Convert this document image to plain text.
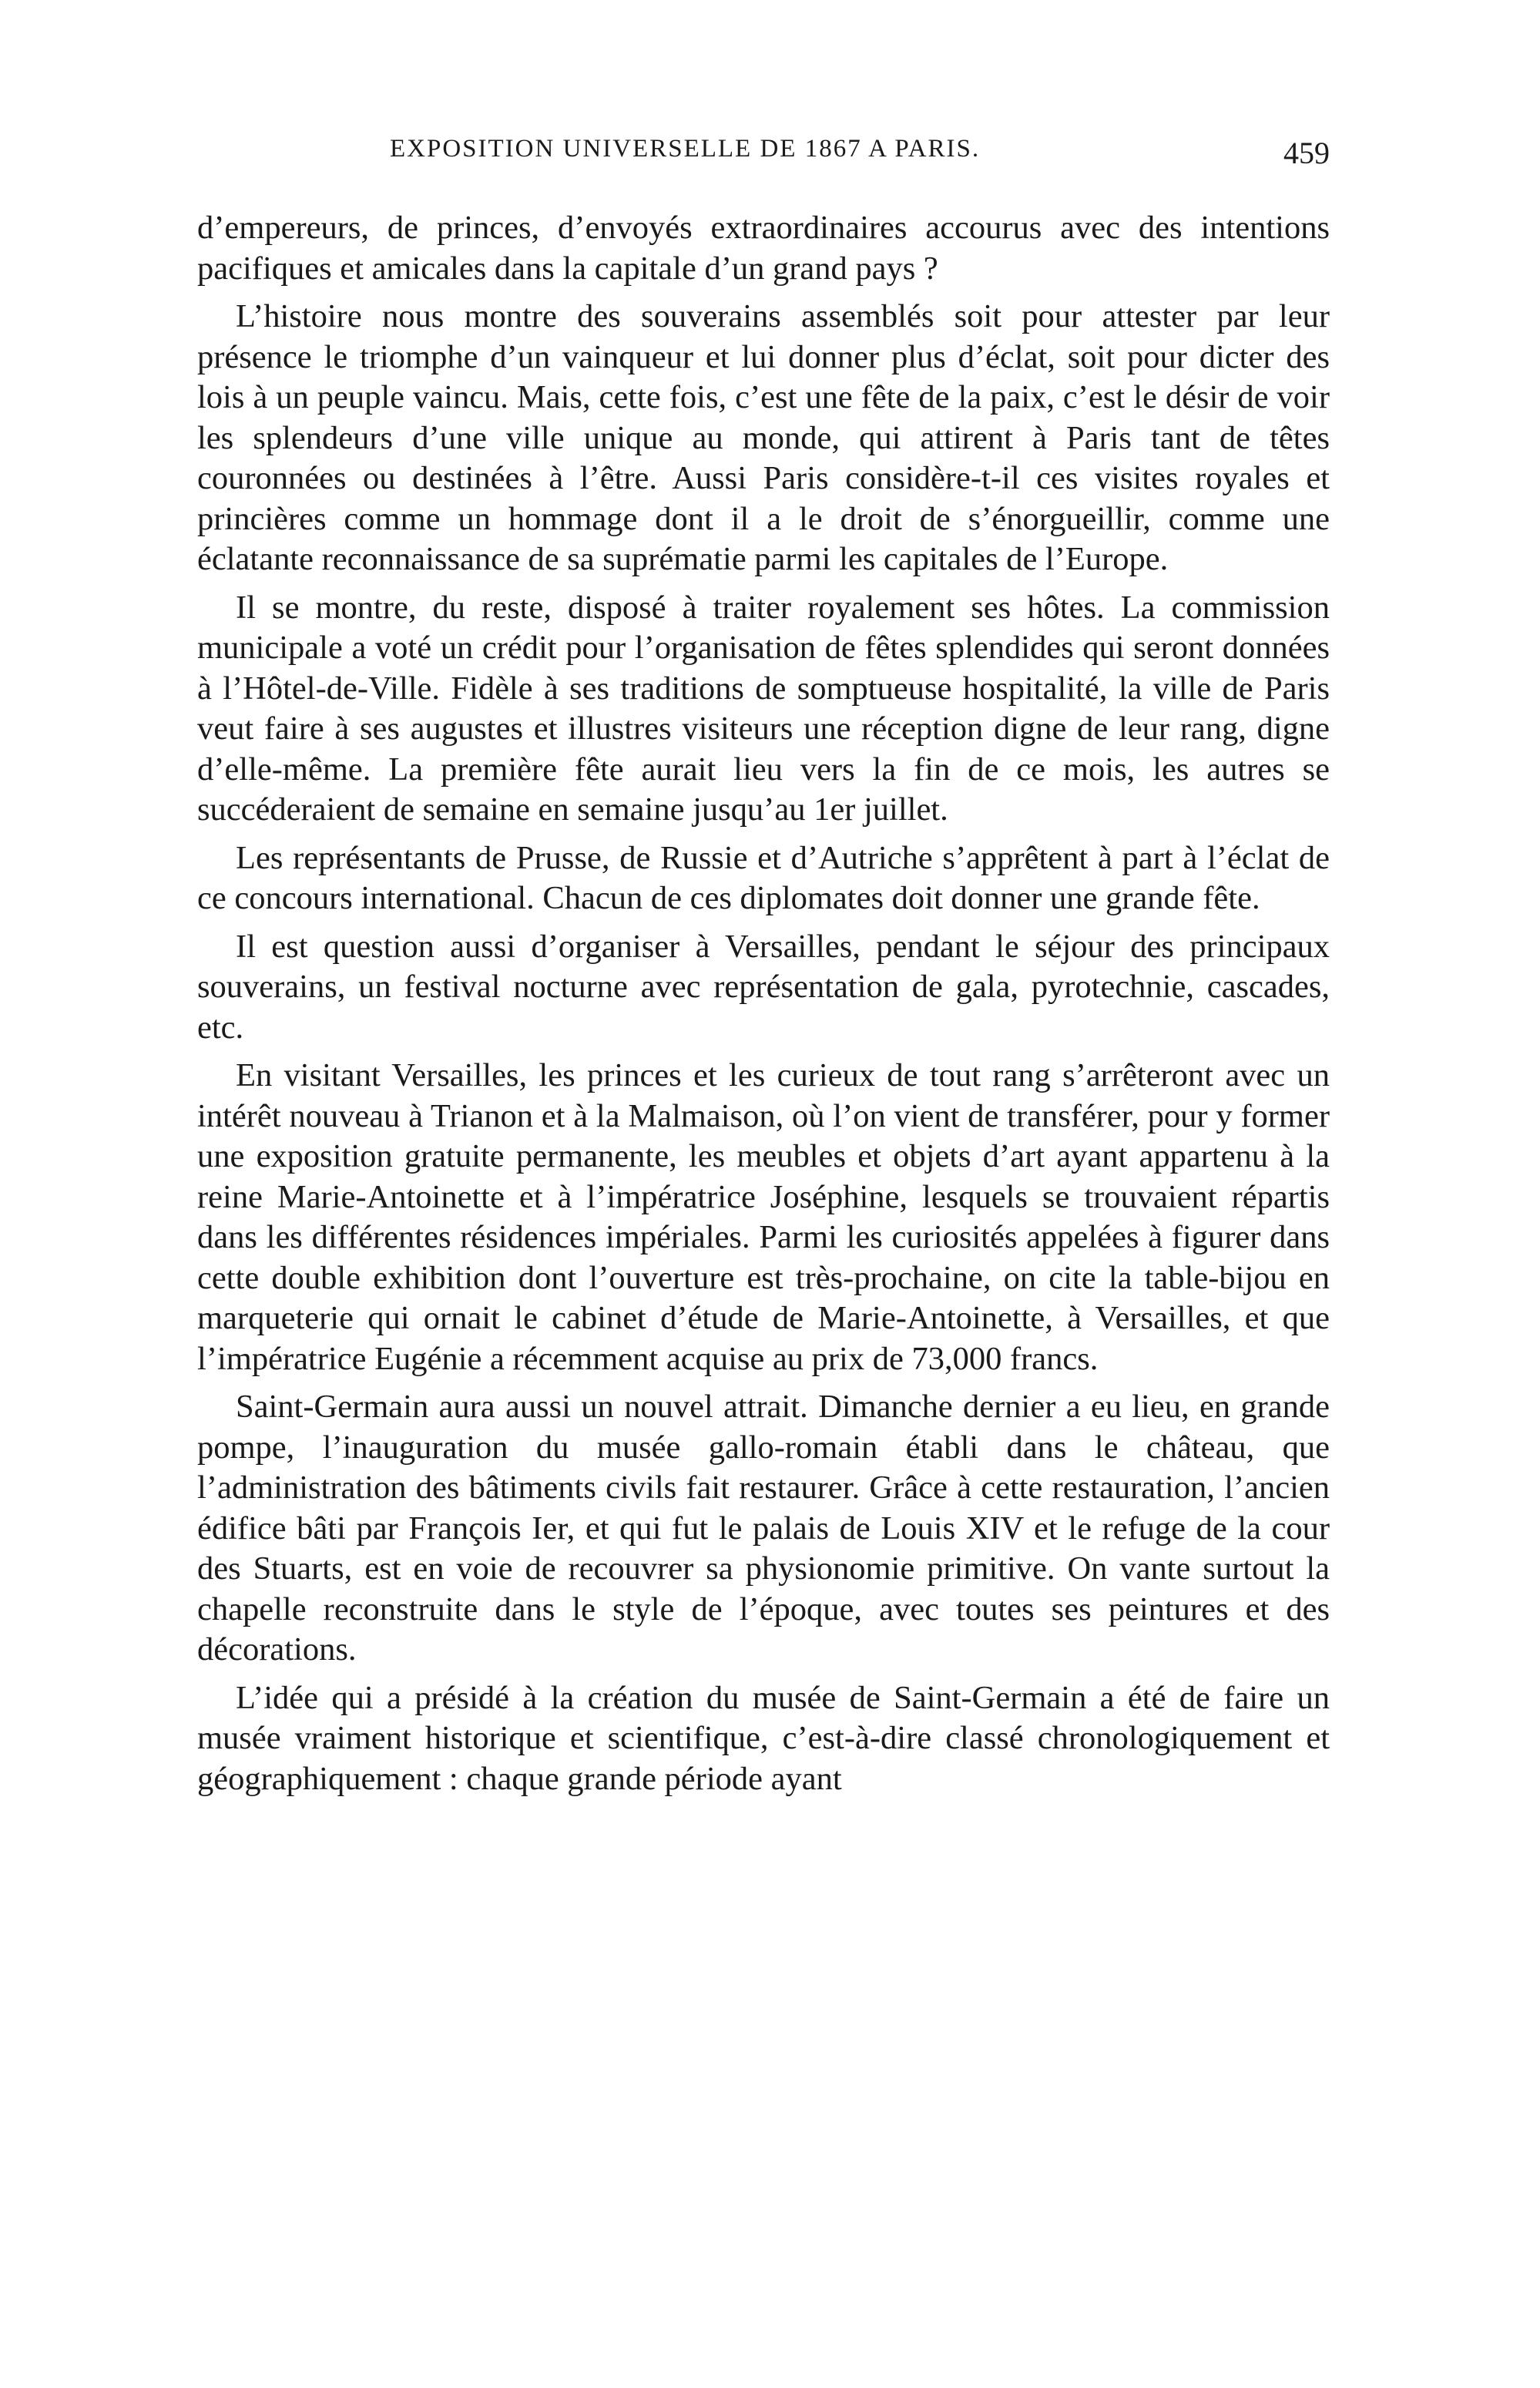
EXPOSITION UNIVERSELLE DE 1867 A PARIS.	459

d’empereurs, de princes, d’envoyés extraordinaires accourus avec des intentions pacifiques et amicales dans la capitale d’un grand pays ?

L’histoire nous montre des souverains assemblés soit pour attester par leur présence le triomphe d’un vainqueur et lui donner plus d’éclat, soit pour dicter des lois à un peuple vaincu. Mais, cette fois, c’est une fête de la paix, c’est le désir de voir les splendeurs d’une ville unique au monde, qui attirent à Paris tant de têtes couronnées ou destinées à l’être. Aussi Paris considère-t-il ces visites royales et princières comme un hommage dont il a le droit de s’énorgueillir, comme une éclatante reconnaissance de sa suprématie parmi les capitales de l’Europe.

Il se montre, du reste, disposé à traiter royalement ses hôtes. La commission municipale a voté un crédit pour l’organisation de fêtes splendides qui seront données à l’Hôtel-de-Ville. Fidèle à ses traditions de somptueuse hospitalité, la ville de Paris veut faire à ses augustes et illustres visiteurs une réception digne de leur rang, digne d’elle-même. La première fête aurait lieu vers la fin de ce mois, les autres se succéderaient de semaine en semaine jusqu’au 1er juillet.

Les représentants de Prusse, de Russie et d’Autriche s’apprêtent à part à l’éclat de ce concours international. Chacun de ces diplomates doit donner une grande fête.

Il est question aussi d’organiser à Versailles, pendant le séjour des principaux souverains, un festival nocturne avec représentation de gala, pyrotechnie, cascades, etc.

En visitant Versailles, les princes et les curieux de tout rang s’arrêteront avec un intérêt nouveau à Trianon et à la Malmaison, où l’on vient de transférer, pour y former une exposition gratuite permanente, les meubles et objets d’art ayant appartenu à la reine Marie-Antoinette et à l’impératrice Joséphine, lesquels se trouvaient répartis dans les différentes résidences impériales. Parmi les curiosités appelées à figurer dans cette double exhibition dont l’ouverture est très-prochaine, on cite la table-bijou en marqueterie qui ornait le cabinet d’étude de Marie-Antoinette, à Versailles, et que l’impératrice Eugénie a récemment acquise au prix de 73,000 francs.

Saint-Germain aura aussi un nouvel attrait. Dimanche dernier a eu lieu, en grande pompe, l’inauguration du musée gallo-romain établi dans le château, que l’administration des bâtiments civils fait restaurer. Grâce à cette restauration, l’ancien édifice bâti par François Ier, et qui fut le palais de Louis XIV et le refuge de la cour des Stuarts, est en voie de recouvrer sa physionomie primitive. On vante surtout la chapelle reconstruite dans le style de l’époque, avec toutes ses peintures et des décorations.

L’idée qui a présidé à la création du musée de Saint-Germain a été de faire un musée vraiment historique et scientifique, c’est-à-dire classé chronologiquement et géographiquement : chaque grande période ayant
